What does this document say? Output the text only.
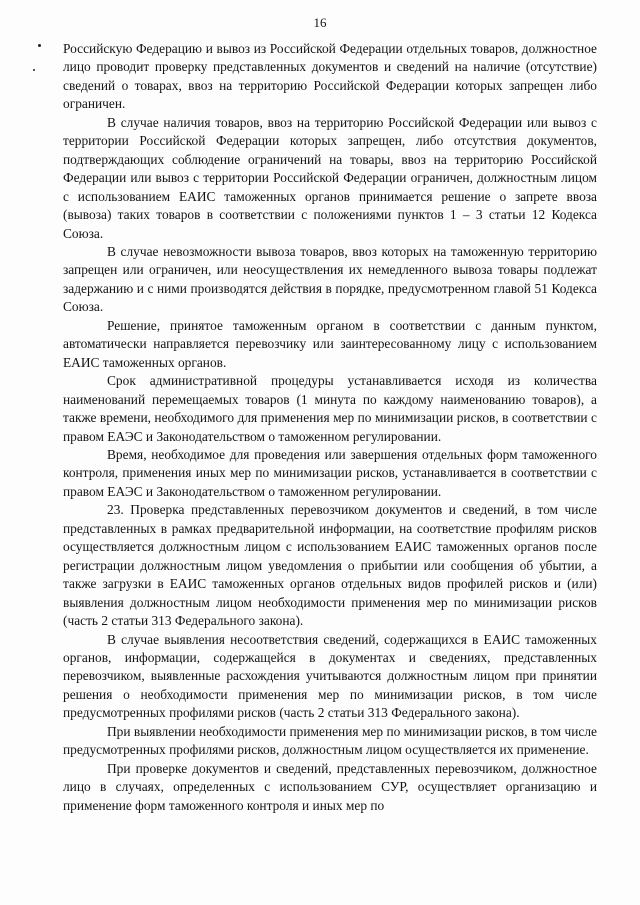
16

Российскую Федерацию и вывоз из Российской Федерации отдельных товаров, должностное лицо проводит проверку представленных документов и сведений на наличие (отсутствие) сведений о товарах, ввоз на территорию Российской Федерации которых запрещен либо ограничен.

В случае наличия товаров, ввоз на территорию Российской Федерации или вывоз с территории Российской Федерации которых запрещен, либо отсутствия документов, подтверждающих соблюдение ограничений на товары, ввоз на территорию Российской Федерации или вывоз с территории Российской Федерации ограничен, должностным лицом с использованием ЕАИС таможенных органов принимается решение о запрете ввоза (вывоза) таких товаров в соответствии с положениями пунктов 1 – 3 статьи 12 Кодекса Союза.

В случае невозможности вывоза товаров, ввоз которых на таможенную территорию запрещен или ограничен, или неосуществления их немедленного вывоза товары подлежат задержанию и с ними производятся действия в порядке, предусмотренном главой 51 Кодекса Союза.

Решение, принятое таможенным органом в соответствии с данным пунктом, автоматически направляется перевозчику или заинтересованному лицу с использованием ЕАИС таможенных органов.

Срок административной процедуры устанавливается исходя из количества наименований перемещаемых товаров (1 минута по каждому наименованию товаров), а также времени, необходимого для применения мер по минимизации рисков, в соответствии с правом ЕАЭС и Законодательством о таможенном регулировании.

Время, необходимое для проведения или завершения отдельных форм таможенного контроля, применения иных мер по минимизации рисков, устанавливается в соответствии с правом ЕАЭС и Законодательством о таможенном регулировании.

23. Проверка представленных перевозчиком документов и сведений, в том числе представленных в рамках предварительной информации, на соответствие профилям рисков осуществляется должностным лицом с использованием ЕАИС таможенных органов после регистрации должностным лицом уведомления о прибытии или сообщения об убытии, а также загрузки в ЕАИС таможенных органов отдельных видов профилей рисков и (или) выявления должностным лицом необходимости применения мер по минимизации рисков (часть 2 статьи 313 Федерального закона).

В случае выявления несоответствия сведений, содержащихся в ЕАИС таможенных органов, информации, содержащейся в документах и сведениях, представленных перевозчиком, выявленные расхождения учитываются должностным лицом при принятии решения о необходимости применения мер по минимизации рисков, в том числе предусмотренных профилями рисков (часть 2 статьи 313 Федерального закона).

При выявлении необходимости применения мер по минимизации рисков, в том числе предусмотренных профилями рисков, должностным лицом осуществляется их применение.

При проверке документов и сведений, представленных перевозчиком, должностное лицо в случаях, определенных с использованием СУР, осуществляет организацию и применение форм таможенного контроля и иных мер по
